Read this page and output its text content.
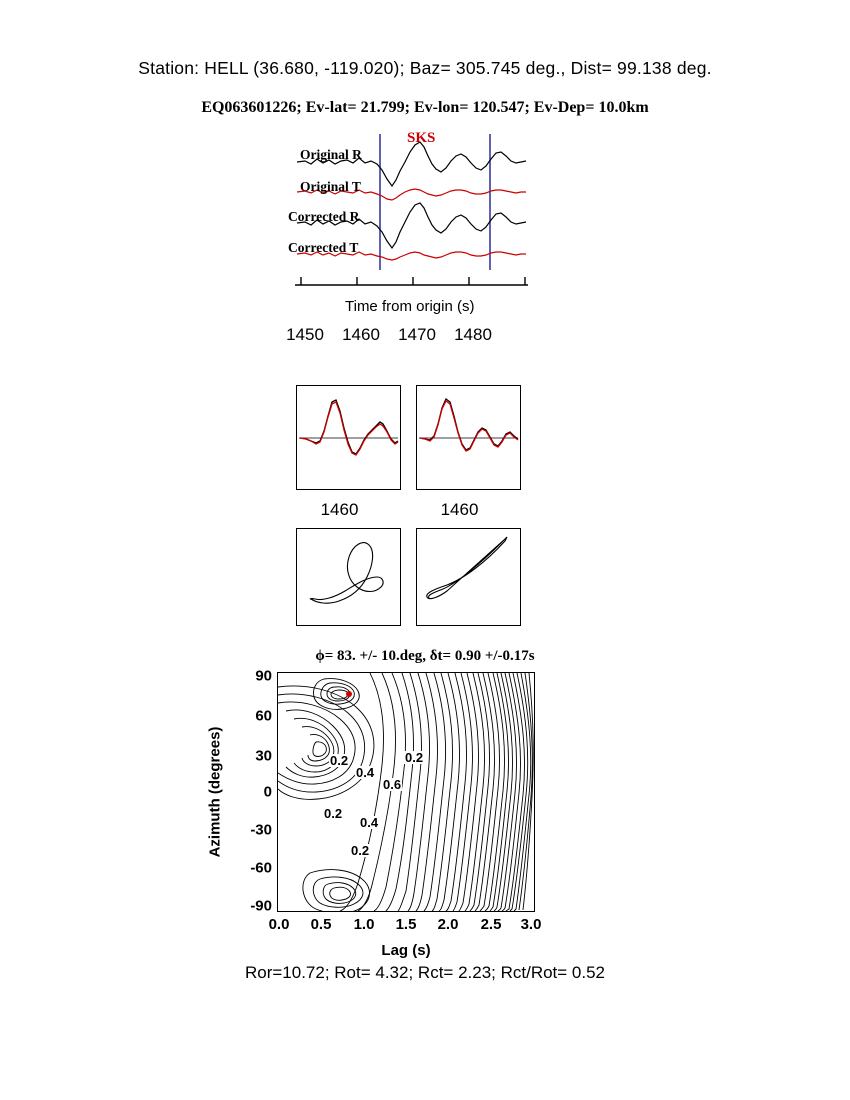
Station: HELL (36.680, -119.020); Baz= 305.745 deg., Dist= 99.138 deg.
EQ063601226; Ev-lat= 21.799; Ev-lon= 120.547; Ev-Dep= 10.0km
SKS
Original R
Original T
Corrected R
Corrected T
Time from origin (s)
1450	1460	1470	1480
1460	1460
ϕ= 83. +/- 10.deg, δt= 0.90 +/-0.17s
Azimuth (degrees)	0.2
0.4
0.6
0.2
0.4
0.2
0.2
90
60
30
0
-30
-60
-90
0.0 0.5 1.0 1.5 2.0 2.5 3.0
Lag (s)
Ror=10.72; Rot= 4.32; Rct= 2.23; Rct/Rot= 0.52
